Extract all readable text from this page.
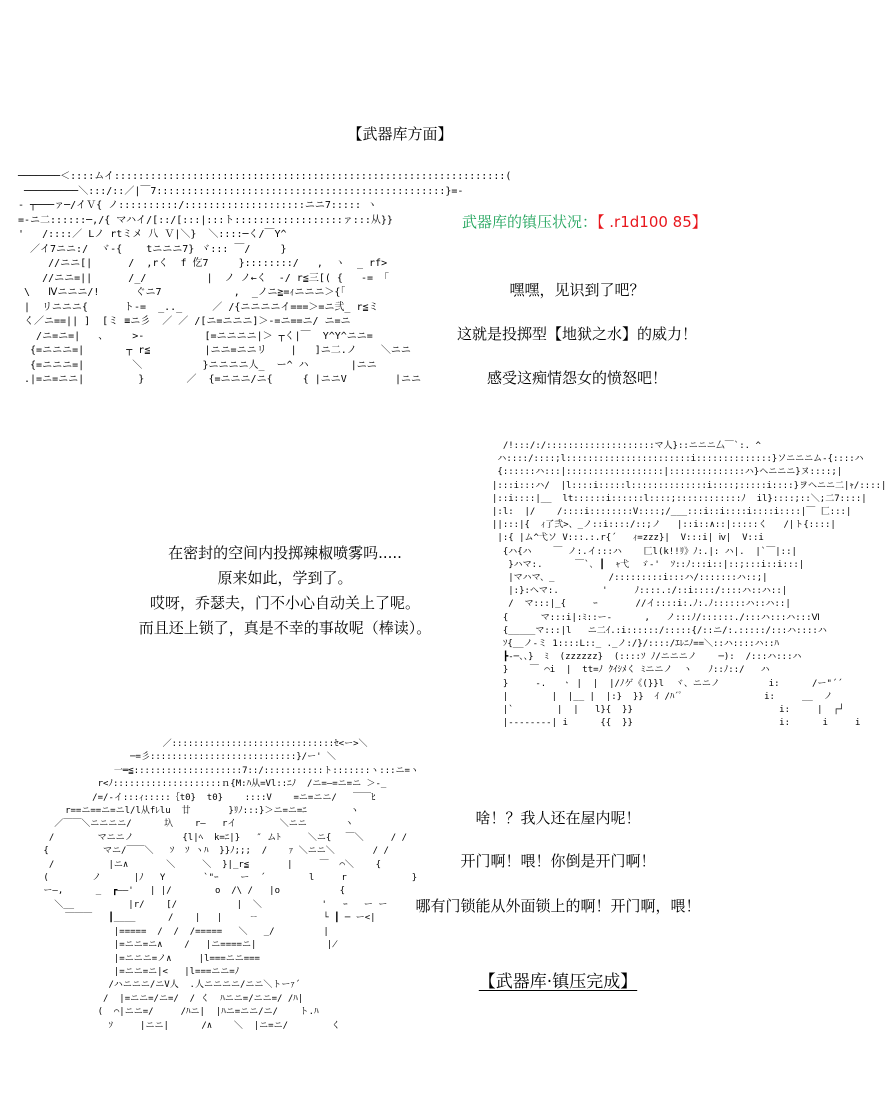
【武器库方面】
───────＜::::ムイ:::::::::::::::::::::::::::::::::::::::::::::::::::::::::::::::::(
─────────＼:::/::／|￣7::::::::::::::::::::::::::::::::::::::::::::::::}=-
- ┬───ァ─/イＶ{ ノ::::::::::/::::::::::::::::::::ニニ7::::: ヽ
=-ニ二::::::─,/{ マハイ/[::/[:::|:::ト::::::::::::::::::ァ:::从}}
'   /::::／ Lノ rtミメ 八 Ｖ|＼}  ＼::::─く/￣Y^
／イ7ニニ:/  ヾ-{    tニニニ7} ヾ::: ￣/     }
//ニニ[|      /  ,rく  f 仡7     }::::::::/   ,  ヽ  _ rf>
//ニニ=||      /_/          |  ノ ノ←く  -/ r≦三[( {   -= 「
\   Ⅳニニニ/!      ぐニ7            ,  _ノニ≧=ｨニニニ＞{「
|  リニニニ{      ト-=  _.._     ／ /{ニニニニイ===＞=ニ弐_ r≦ミ
く／ニ==|| ]  [ミ ≡ニ彡  ／ ／ /[ニ=ニニニ]＞-=ニ==ニ/ ニ=ニ
/ニ=ニ=|   、    >-          [=ニニニニ|＞ ┬く|￣  Y^Y^ニニ=
{=ニニニ=|       ┬ r≦         |ニニ=ニニリ    |   ]ニ二.ノ    ＼ニニ
{=ニニニ=|        ＼          }ニニニニ人_  ー^ ハ       |ニニ
.|=ニ=ニニ|         }       ／  {=ニニニ/ニ{     { |ニニV        |ニニ
武器库的镇压状况：【 .r1d100 85】
嘿嘿，见识到了吧？
这就是投掷型【地狱之水】的威力！
感受这痴情怨女的愤怒吧！
/!:::/:/::::::::::::::::::::マ人}::ニニニ厶￣`:. ^
ハ::::/::::;l:::::::::::::::::::::::i::::::::::::::}ソニニニム-{::::ハ
{::::::ハ:::|::::::::::::::::::|::::::::::::::ハ}ヘニニニ}ヌ::::;|
|:::i:::ハ/  |l::::i:::::l::::::::::::::i::::;:::::i::::}ヲヘニニ二|ｬ/::::|
|::i::::|__  lt::::::i::::::l::::;::::::::::::ﾉ  il}::::;::＼;二7::::|
|:l:  |/    /::::i::::::::V::::;/___:::i::i::::i::::i::::|￣ 匚:::|
||:::|{  ｨ了弐>、_ノ::i::::/::;ノ   |::i::∧::|:::::く   /|ト{::::|
|:{ |ム^弋ソ V:::.:.r{´   ｨ=zzz}|  V:::i| ⅳ|  V::i
{ハ{ハ    ￣ ノ:.イ:::ハ    匚l(k!!ﾘ》ﾉ:.|: ハ|.  |`￣|::|
}ハマ:.      ￣`､ ┃  ｬ弋  ゞ-'  ｿ::ﾉ:::i::|::;:::i::i:::|
|マハマ、_          /:::::::::i:::ハ/:::::::ハ::;|
|:}:ヘマ:.        '     ﾉ::::.:/::i::::/::::ハ::ハ::|
/  マ:::|_{     ｰ       //イ::::i:.ﾉ:.ﾉ::::::ハ::ハ::|
{      マ:::i|:ﾐ::ー-      ,   ノ:::ﾉ/::::::./:::ハ:::ハ:::Ⅵ
{_____マ:::|l   ニ二ｲ.:i::::::/:::::{/::ニ/:.:::::/:::ハ::::ハ
ｿ{__ノ-ミ 1::::L::_ ._ノ:/}/::::/ｴﾚﾆﾉ==＼::ハ::::ハ::ﾊ
┣-─、、}  ﾐ  (zzzzzz}  (::::ｿ ﾉ/ニニニノ    ─):  /:::ハ:::ハ
}    ￣ ⌒i  |  tt=ﾉ ｸｲｼﾒく ﾐニニノ  ヽ   ﾉ::ﾉ::/   ハ
}     -.   ㆍ |  |  |/ﾉゲ《(}}l  ヾ、ニニノ         i:      /ー"´´
|        |  |__ |  |:}  }}  ｲ /ﾊ´ﾟ               i:     __  ノ
|`        |  |   l}{  }}                           i:     |  ┌┘
|--------| i      {{  }}                           i:      i     i
在密封的空间内投掷辣椒喷雾吗.....
原来如此，学到了。
哎呀，乔瑟夫，门不小心自动关上了呢。
而且还上锁了，真是不幸的事故呢（棒读）。
／::::::::::::::::::::::::::::::ｾ<ー>＼
─=彡:::::::::::::::::::::::::::}/ー' ＼
一═≦::::::::::::::::::::7::/:::::::::::ト:::::::ヽ:::ニ=ヽ
r<ﾉ::::::::::::::::::::ｎ{M:ﾊ从=Vl::ﾆﾉ  /ニ=―=ニ=ニ ＞-_
/=/-イ:::ｨ:::::｛t0}  t0}    ::::V    =ニ=ニニ/   ￣￣ﾋ
r==ニ==ニ=ニl/l从fﾚlu  廿       }ﾘﾉ:::}＞ニ=ニ=ﾆ        ヽ
／￣￣＼ニニニニ/      圦    r―   rイ        ＼ニニ       ヽ
/        マニニノ         {l|ﾍ  k=ﾆ|}   ″ ムﾄ     ＼ニ{ 　￣＼     / /
{          マニ/￣￣＼   ｿ  ｿ ヽﾊ  }}ﾉ;;;  /    ｧ ＼ニニ＼       / /
/          |ニ∧       ＼     ＼  }|_r≦       |     ￣  ⌒＼    {
(        ノ      |ﾉ   Y       `"ｰ    ー  ´        l     r            }
ー―,      _  ┏――'   | |/        o  /\ /   |o           {
＼__          |r/    [/           |  ＼           '   ｰ   ー ー
￣￣￣   ┃____      /    ∣   ∣     ㄧ            └ ┃ ─ ー<|
|=====  /  /  /=====   ＼   _/         |
|=ニニ=ニ∧    /   |ニ====ニ|             ∤
|=ニニニ=ノ∧     |l===ニニ===
|=ニニ=ニ|<   |l===ニニ=ﾉ
/ハニニニ/ニV人  .人ニニニニ/ニニ＼トーｧ´
/  |=ニニ=/ニ=/  / く  ﾊニニ=/ニニ=/ /ﾊ|
(  ⌒|ニニ=/     /ﾊニ|  |ﾊニ=ニニ/ニ/    ト.ﾊ
ｿ     |ニニ|      /∧    ＼  |ニ=ニ/        く
啥！？我人还在屋内呢！
开门啊！喂！你倒是开门啊！
哪有门锁能从外面锁上的啊！开门啊，喂！
【武器库·镇压完成】
